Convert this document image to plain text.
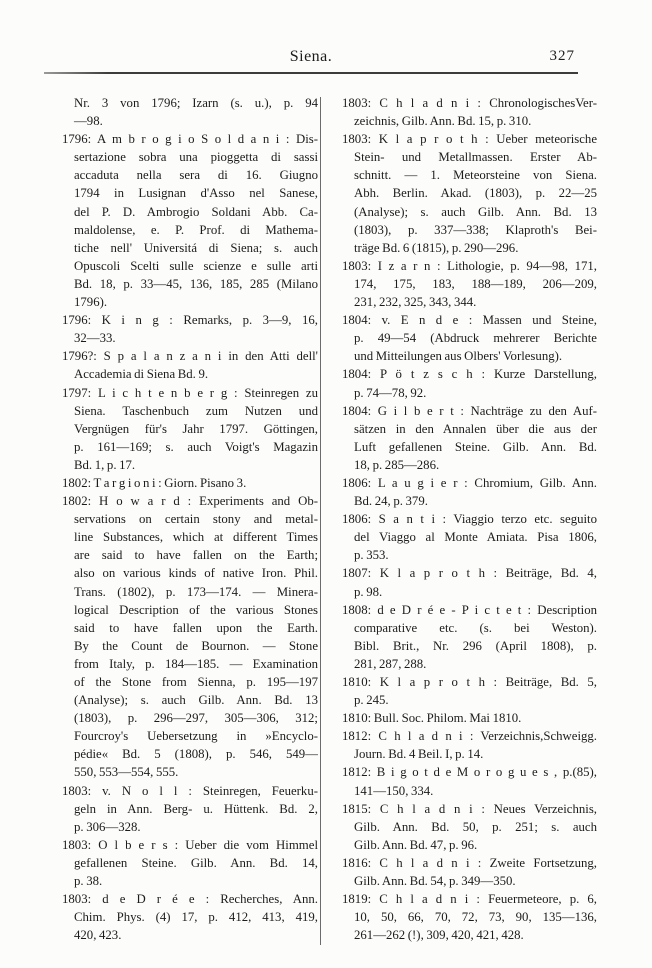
Siena.	327
Nr. 3 von 1796; Izarn (s. u.), p. 94
—98.
1796: A m b r o g i o S o l d a n i : Dis-
sertazione sobra una pioggetta di sassi
accaduta nella sera di 16. Giugno
1794 in Lusignan d'Asso nel Sanese,
del P. D. Ambrogio Soldani Abb. Ca-
maldolense, e. P. Prof. di Mathema-
tiche nell' Universitá di Siena; s. auch
Opuscoli Scelti sulle scienze e sulle arti
Bd. 18, p. 33—45, 136, 185, 285 (Milano
1796).
1796: K i n g : Remarks, p. 3—9, 16,
32—33.
1796?: S p a l a n z a n i in den Atti dell'
Accademia di Siena Bd. 9.
1797: L i c h t e n b e r g : Steinregen zu
Siena. Taschenbuch zum Nutzen und
Vergnügen für's Jahr 1797. Göttingen,
p. 161—169; s. auch Voigt's Magazin
Bd. 1, p. 17.
1802: T a r g i o n i : Giorn. Pisano 3.
1802: H o w a r d : Experiments and Ob-
servations on certain stony and metal-
line Substances, which at different Times
are said to have fallen on the Earth;
also on various kinds of native Iron. Phil.
Trans. (1802), p. 173—174. — Minera-
logical Description of the various Stones
said to have fallen upon the Earth.
By the Count de Bournon. — Stone
from Italy, p. 184—185. — Examination
of the Stone from Sienna, p. 195—197
(Analyse); s. auch Gilb. Ann. Bd. 13
(1803), p. 296—297, 305—306, 312;
Fourcroy's Uebersetzung in »Encyclo-
pédie« Bd. 5 (1808), p. 546, 549—
550, 553—554, 555.
1803: v. N o l l : Steinregen, Feuerku-
geln in Ann. Berg- u. Hüttenk. Bd. 2,
p. 306—328.
1803: O l b e r s : Ueber die vom Himmel
gefallenen Steine. Gilb. Ann. Bd. 14,
p. 38.
1803: d e D r é e : Recherches, Ann.
Chim. Phys. (4) 17, p. 412, 413, 419,
420, 423.
1803: C h l a d n i : ChronologischesVer-
zeichnis, Gilb. Ann. Bd. 15, p. 310.
1803: K l a p r o t h : Ueber meteorische
Stein- und Metallmassen. Erster Ab-
schnitt. — 1. Meteorsteine von Siena.
Abh. Berlin. Akad. (1803), p. 22—25
(Analyse); s. auch Gilb. Ann. Bd. 13
(1803), p. 337—338; Klaproth's Bei-
träge Bd. 6 (1815), p. 290—296.
1803: I z a r n : Lithologie, p. 94—98, 171,
174, 175, 183, 188—189, 206—209,
231, 232, 325, 343, 344.
1804: v. E n d e : Massen und Steine,
p. 49—54 (Abdruck mehrerer Berichte
und Mitteilungen aus Olbers' Vorlesung).
1804: P ö t z s c h : Kurze Darstellung,
p. 74—78, 92.
1804: G i l b e r t : Nachträge zu den Auf-
sätzen in den Annalen über die aus der
Luft gefallenen Steine. Gilb. Ann. Bd.
18, p. 285—286.
1806: L a u g i e r : Chromium, Gilb. Ann.
Bd. 24, p. 379.
1806: S a n t i : Viaggio terzo etc. seguito
del Viaggo al Monte Amiata. Pisa 1806,
p. 353.
1807: K l a p r o t h : Beiträge, Bd. 4,
p. 98.
1808: d e D r é e - P i c t e t : Description
comparative etc. (s. bei Weston).
Bibl. Brit., Nr. 296 (April 1808), p.
281, 287, 288.
1810: K l a p r o t h : Beiträge, Bd. 5,
p. 245.
1810: Bull. Soc. Philom. Mai 1810.
1812: C h l a d n i : Verzeichnis,Schweigg.
Journ. Bd. 4 Beil. I, p. 14.
1812: B i g o t d e M o r o g u e s , p.(85),
141—150, 334.
1815: C h l a d n i : Neues Verzeichnis,
Gilb. Ann. Bd. 50, p. 251; s. auch
Gilb. Ann. Bd. 47, p. 96.
1816: C h l a d n i : Zweite Fortsetzung,
Gilb. Ann. Bd. 54, p. 349—350.
1819: C h l a d n i : Feuermeteore, p. 6,
10, 50, 66, 70, 72, 73, 90, 135—136,
261—262 (!), 309, 420, 421, 428.
